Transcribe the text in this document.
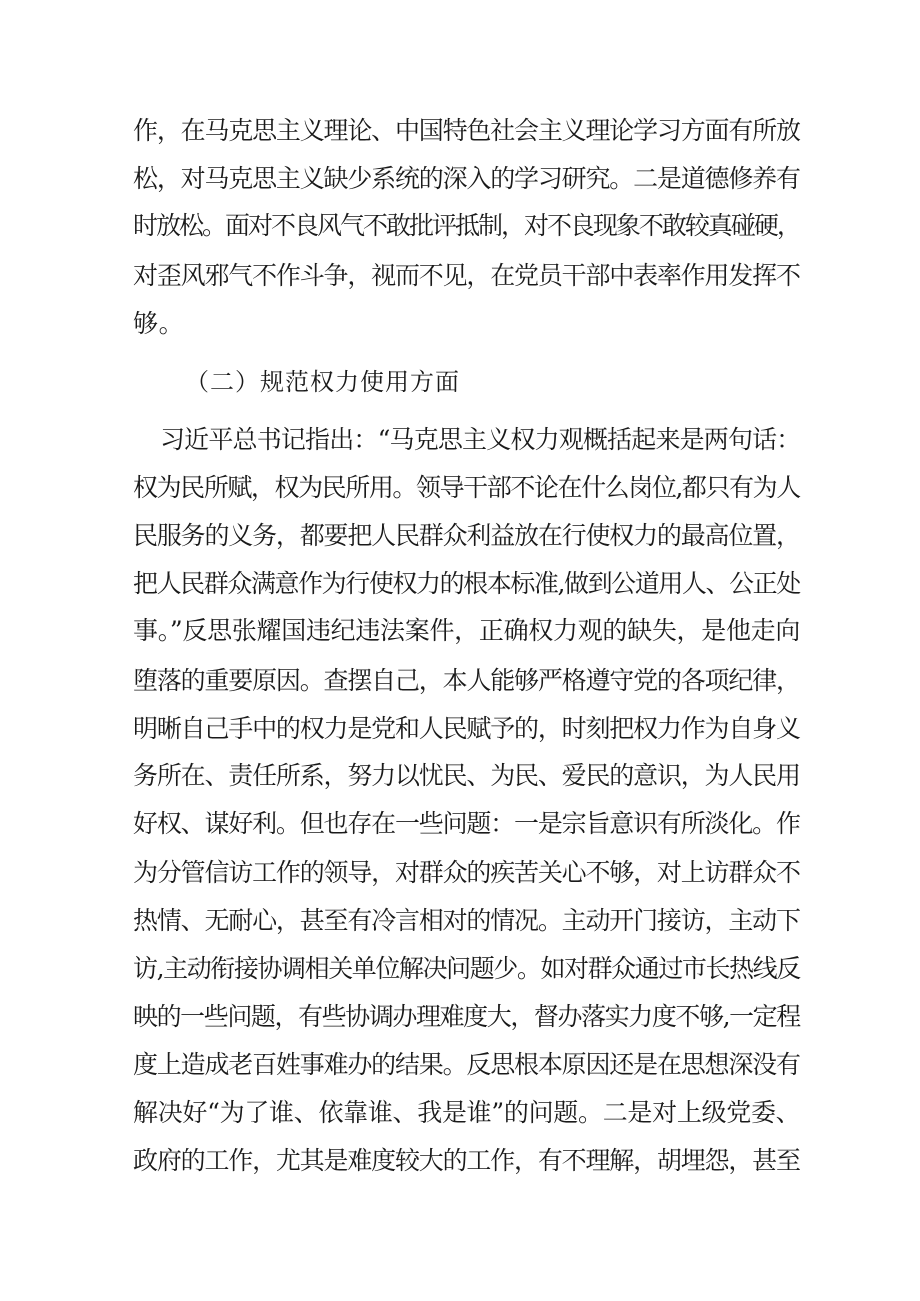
作，在马克思主义理论、中国特色社会主义理论学习方面有所放
松，对马克思主义缺少系统的深入的学习研究。二是道德修养有
时放松。面对不良风气不敢批评抵制，对不良现象不敢较真碰硬，
对歪风邪气不作斗争，视而不见，在党员干部中表率作用发挥不
够。
（二）规范权力使用方面
习近平总书记指出：“马克思主义权力观概括起来是两句话：
权为民所赋，权为民所用。领导干部不论在什么岗位,都只有为人
民服务的义务，都要把人民群众利益放在行使权力的最高位置，
把人民群众满意作为行使权力的根本标准,做到公道用人、公正处
事。”反思张耀国违纪违法案件，正确权力观的缺失，是他走向
堕落的重要原因。查摆自己，本人能够严格遵守党的各项纪律，
明晰自己手中的权力是党和人民赋予的，时刻把权力作为自身义
务所在、责任所系，努力以忧民、为民、爱民的意识，为人民用
好权、谋好利。但也存在一些问题：一是宗旨意识有所淡化。作
为分管信访工作的领导，对群众的疾苦关心不够，对上访群众不
热情、无耐心，甚至有冷言相对的情况。主动开门接访，主动下
访,主动衔接协调相关单位解决问题少。如对群众通过市长热线反
映的一些问题，有些协调办理难度大，督办落实力度不够,一定程
度上造成老百姓事难办的结果。反思根本原因还是在思想深没有
解决好“为了谁、依靠谁、我是谁”的问题。二是对上级党委、
政府的工作，尤其是难度较大的工作，有不理解，胡埋怨，甚至
